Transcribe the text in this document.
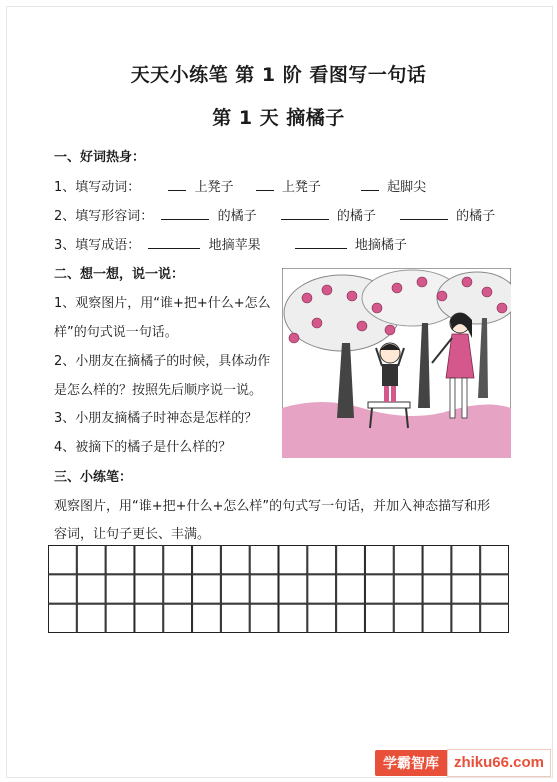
天天小练笔 第 1 阶 看图写一句话
第 1 天 摘橘子
一、好词热身：
1、填写动词：	上凳子	上凳子	起脚尖
2、填写形容词：	的橘子	的橘子	的橘子
3、填写成语：	地摘苹果	地摘橘子
二、想一想，说一说：
1、观察图片，用“谁+把+什么+怎么
样”的句式说一句话。
2、小朋友在摘橘子的时候，具体动作
是怎么样的？按照先后顺序说一说。
3、小朋友摘橘子时神态是怎样的？
4、被摘下的橘子是什么样的？
三、小练笔：
观察图片，用“谁+把+什么+怎么样”的句式写一句话，并加入神态描写和形
容词，让句子更长、丰满。
学霸智库	zhiku66.com
